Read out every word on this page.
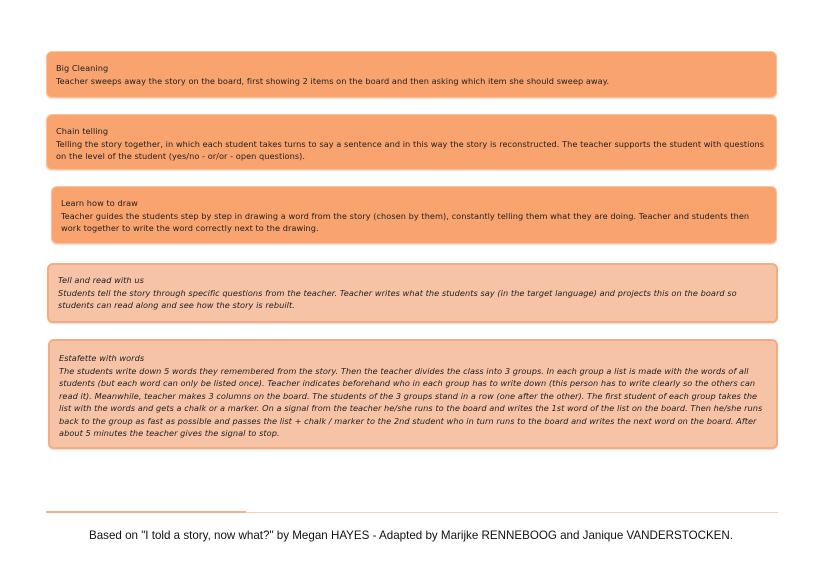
Big Cleaning
Teacher sweeps away the story on the board, first showing 2 items on the board and then asking which item she should sweep away.
Chain telling
Telling the story together, in which each student takes turns to say a sentence and in this way the story is reconstructed. The teacher supports the student with questions on the level of the student (yes/no - or/or - open questions).
Learn how to draw
Teacher guides the students step by step in drawing a word from the story (chosen by them), constantly telling them what they are doing. Teacher and students then work together to write the word correctly next to the drawing.
Tell and read with us
Students tell the story through specific questions from the teacher. Teacher writes what the students say (in the target language) and projects this on the board so students can read along and see how the story is rebuilt.
Estafette with words
The students write down 5 words they remembered from the story. Then the teacher divides the class into 3 groups. In each group a list is made with the words of all students (but each word can only be listed once). Teacher indicates beforehand who in each group has to write down (this person has to write clearly so the others can read it). Meanwhile, teacher makes 3 columns on the board. The students of the 3 groups stand in a row (one after the other). The first student of each group takes the list with the words and gets a chalk or a marker. On a signal from the teacher he/she runs to the board and writes the 1st word of the list on the board. Then he/she runs back to the group as fast as possible and passes the list + chalk / marker to the 2nd student who in turn runs to the board and writes the next word on the board. After about 5 minutes the teacher gives the signal to stop.
Based on "I told a story, now what?" by Megan HAYES - Adapted by Marijke RENNEBOOG and Janique VANDERSTOCKEN.
